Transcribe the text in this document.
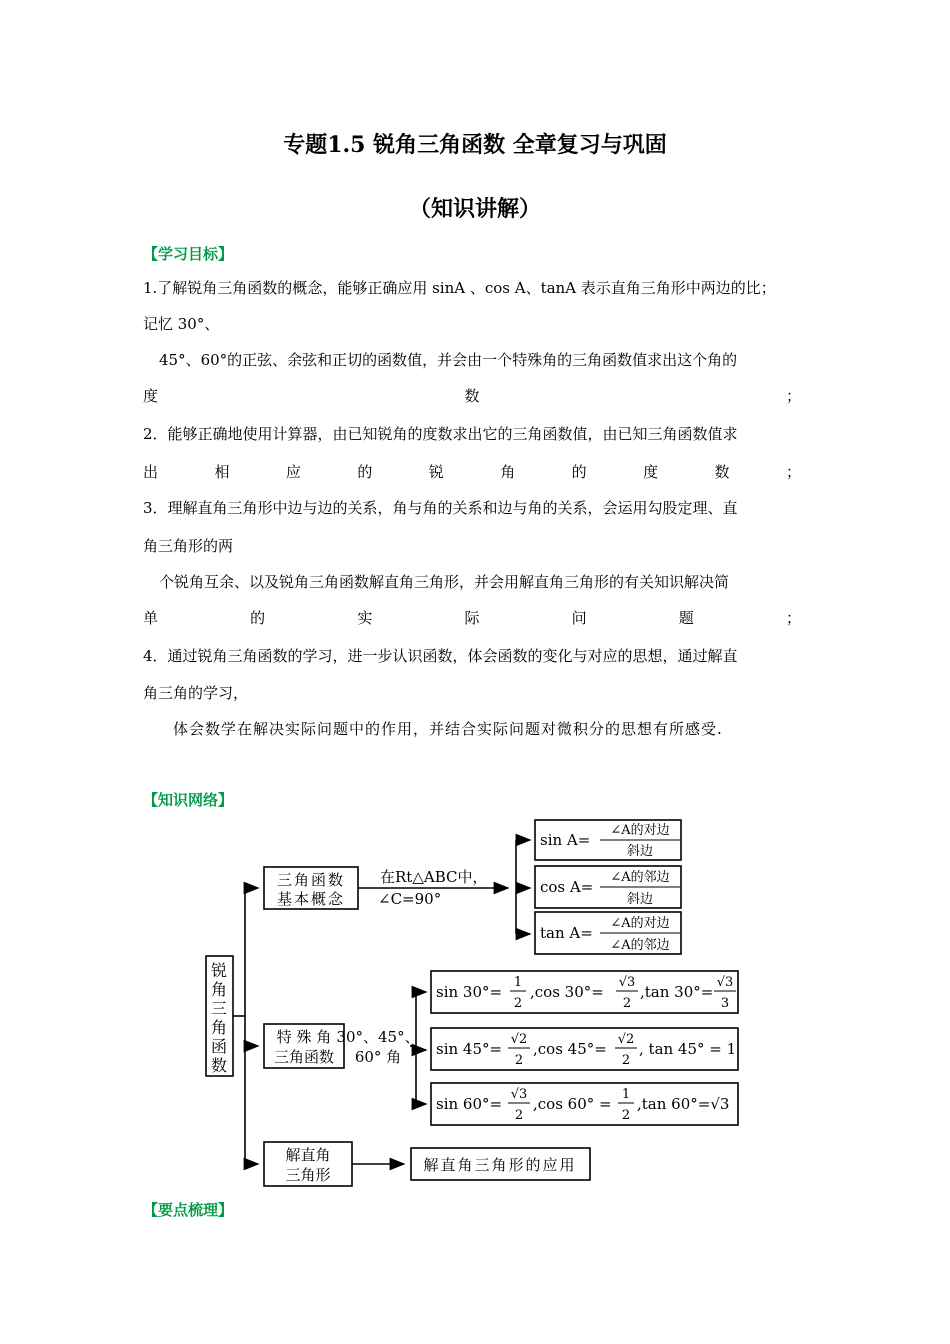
专题1.5 锐角三角函数 全章复习与巩固
（知识讲解）
【学习目标】
1.了解锐角三角函数的概念，能够正确应用 sinA 、cos A、tanA 表示直角三角形中两边的比；
记忆 30°、
45°、60°的正弦、余弦和正切的函数值，并会由一个特殊角的三角函数值求出这个角的
度	数	；
2．能够正确地使用计算器，由已知锐角的度数求出它的三角函数值，由已知三角函数值求
出	相	应	的	锐	角	的	度	数	；
3．理解直角三角形中边与边的关系，角与角的关系和边与角的关系，会运用勾股定理、直
角三角形的两
个锐角互余、以及锐角三角函数解直角三角形，并会用解直角三角形的有关知识解决简
单	的	实	际	问	题	；
4．通过锐角三角函数的学习，进一步认识函数，体会函数的变化与对应的思想，通过解直
角三角的学习，
体会数学在解决实际问题中的作用，并结合实际问题对微积分的思想有所感受.
【知识网络】
锐
角
三
角
函
数
三角函数
基本概念
特 殊 角
三角函数
解直角
三角形
在Rt△ABC中，
∠C=90°
30°、45°、
60° 角
sin A=
∠A的对边
斜边
cos A=
∠A的邻边
斜边
tan A=
∠A的对边
∠A的邻边
sin 30°=
1
2
,cos 30°=
√3
2
,tan 30°=
√3
3
sin 45°=
√2
2
,cos 45°=
√2
2
, tan 45° = 1
sin 60°=
√3
2
,cos 60° =
1
2
,tan 60°=√3
解直角三角形的应用
【要点梳理】
